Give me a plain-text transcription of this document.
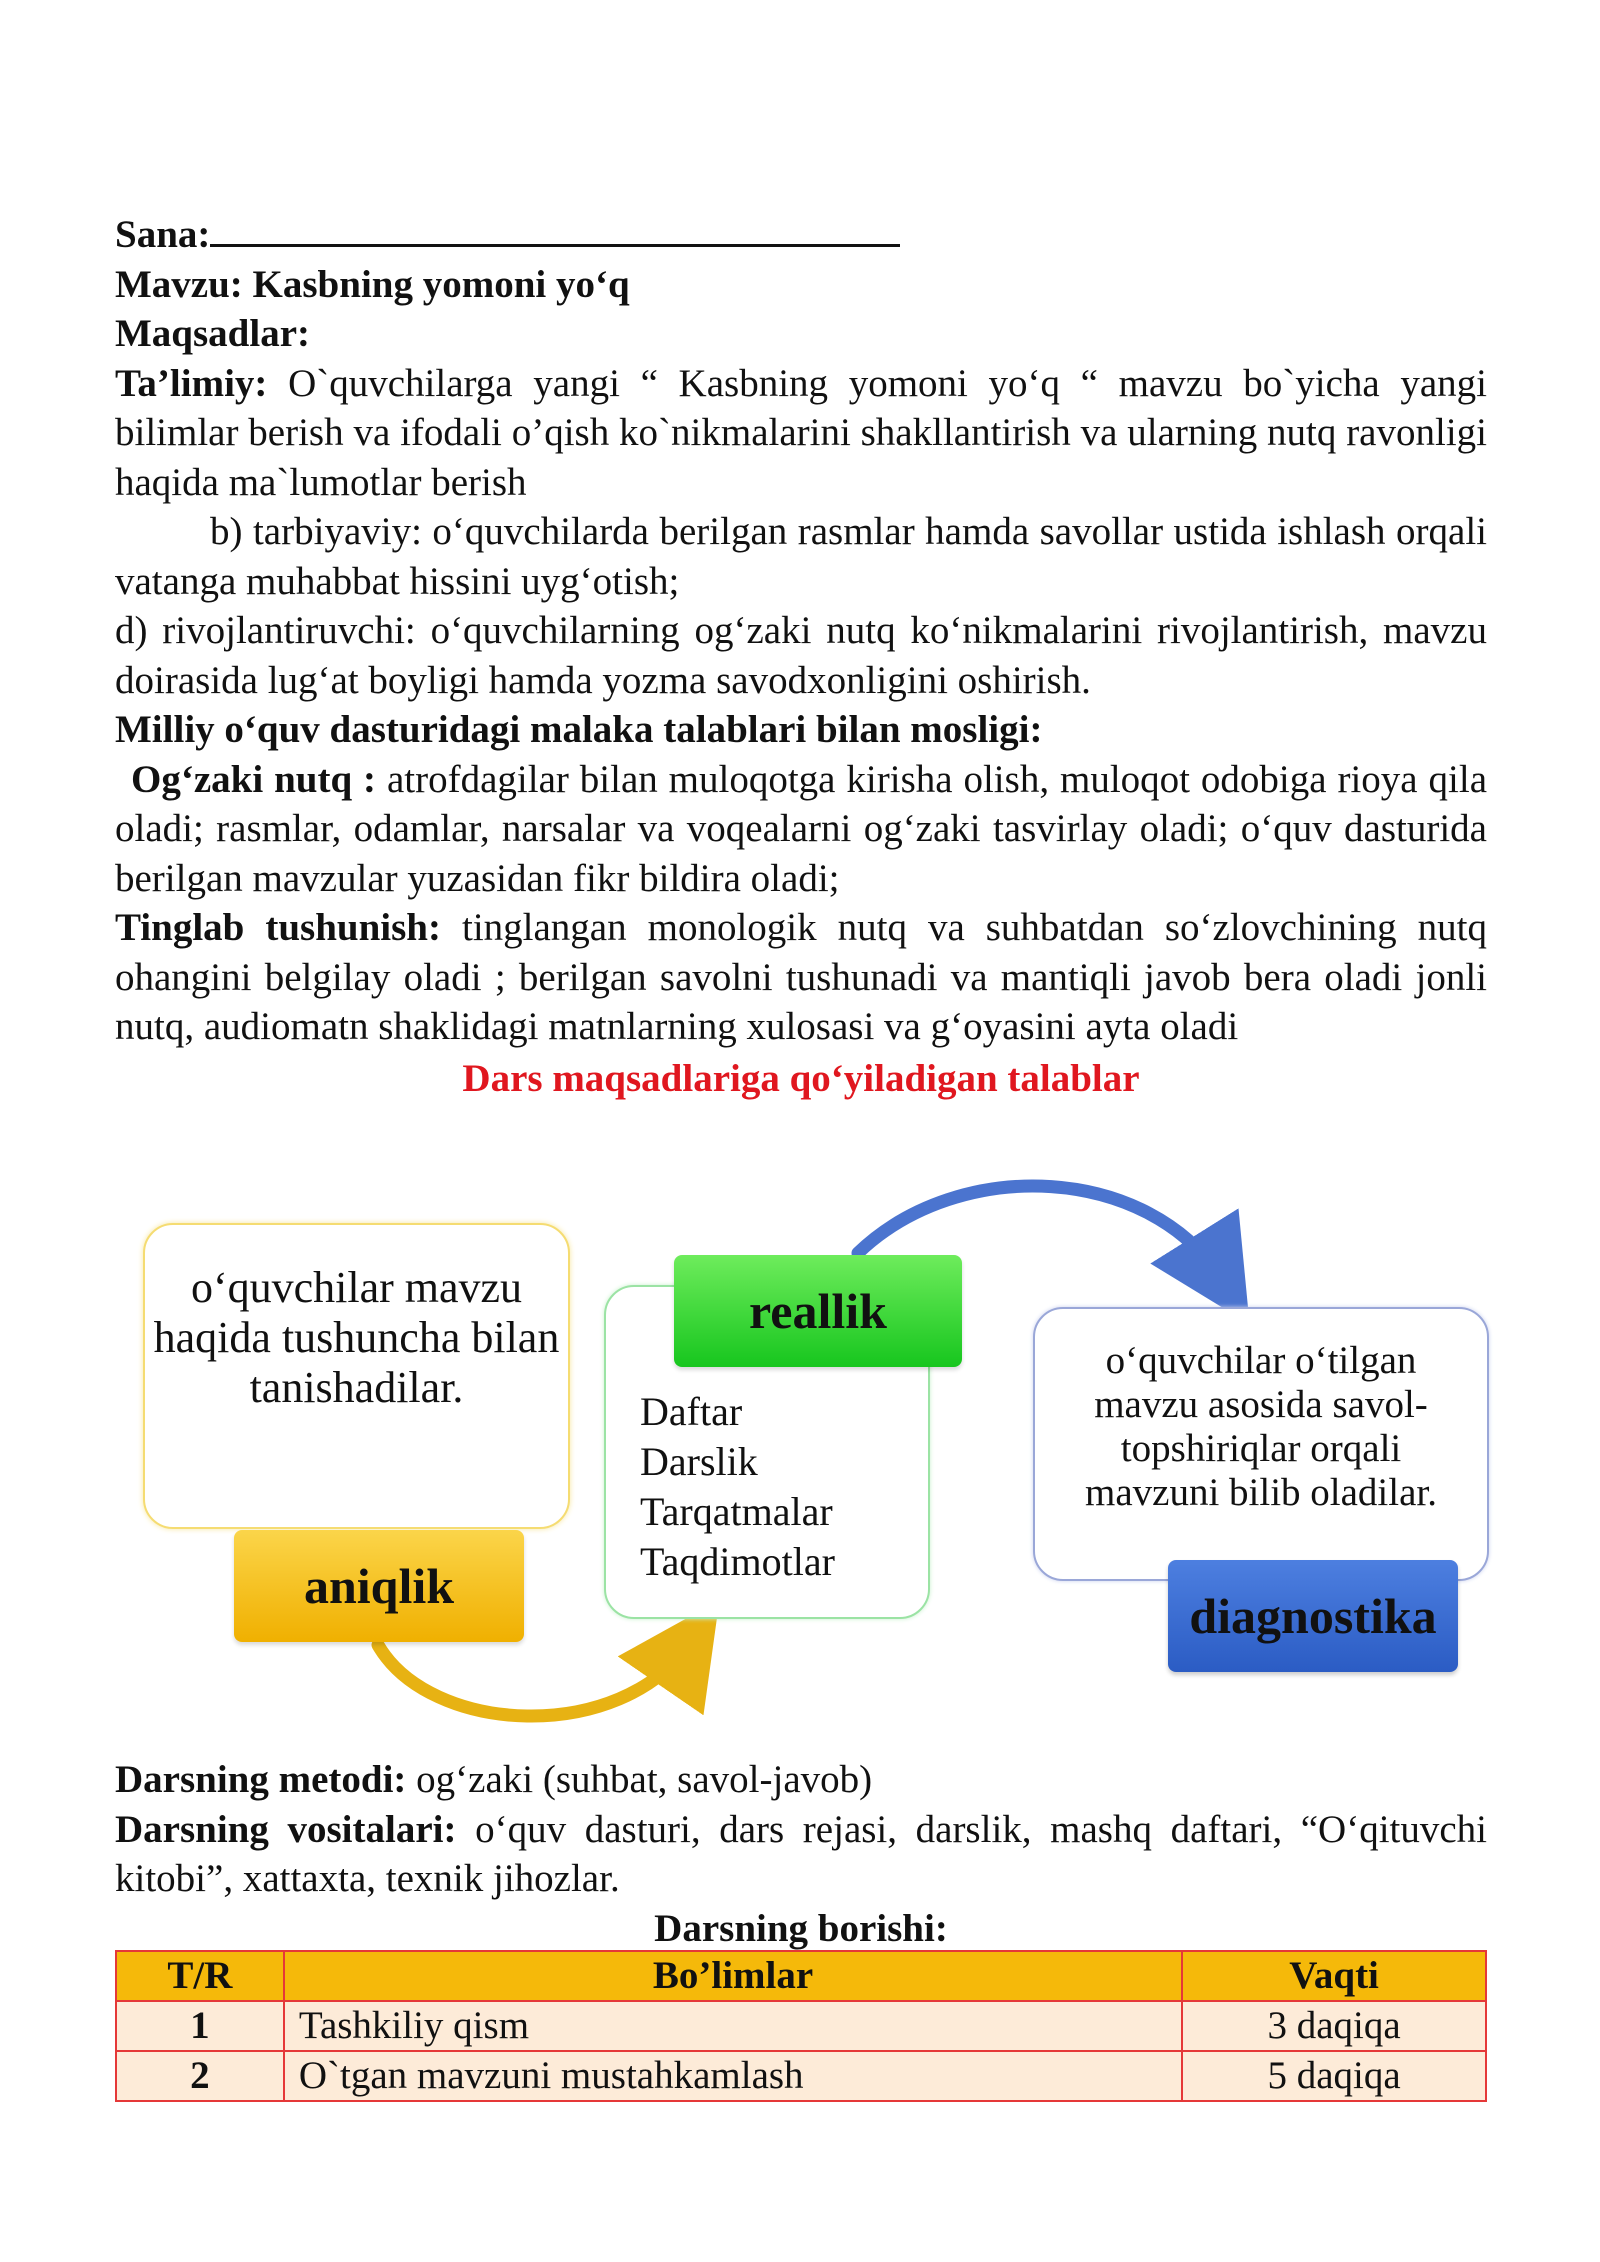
Sana:

Mavzu: Kasbning yomoni yo‘q

Maqsadlar:

Ta’limiy: O`quvchilarga yangi “ Kasbning yomoni yo‘q “ mavzu bo`yicha yangi bilimlar berish va ifodali o’qish ko`nikmalarini shakllantirish va ularning nutq ravonligi haqida ma`lumotlar berish

b) tarbiyaviy: o‘quvchilarda berilgan rasmlar hamda savollar ustida ishlash orqali vatanga muhabbat hissini uyg‘otish;

d) rivojlantiruvchi: o‘quvchilarning og‘zaki nutq ko‘nikmalarini rivojlantirish, mavzu doirasida lug‘at boyligi hamda yozma savodxonligini oshirish.

Milliy o‘quv dasturidagi malaka talablari bilan mosligi:

Og‘zaki nutq : atrofdagilar bilan muloqotga kirisha olish, muloqot odobiga rioya qila oladi; rasmlar, odamlar, narsalar va voqealarni og‘zaki tasvirlay oladi; o‘quv dasturida berilgan mavzular yuzasidan fikr bildira oladi;

Tinglab tushunish: tinglangan monologik nutq va suhbatdan so‘zlovchining nutq ohangini belgilay oladi ; berilgan savolni tushunadi va mantiqli javob bera oladi jonli nutq, audiomatn shaklidagi matnlarning xulosasi va g‘oyasini ayta oladi

Dars maqsadlariga qo‘yiladigan talablar

o‘quvchilar mavzu haqida tushuncha bilan tanishadilar.
aniqlik
Daftar
Darslik
Tarqatmalar
Taqdimotlar
reallik
o‘quvchilar o‘tilgan mavzu asosida savol-topshiriqlar orqali mavzuni bilib oladilar.
diagnostika

Darsning metodi: og‘zaki (suhbat, savol-javob)

Darsning vositalari: o‘quv dasturi, dars rejasi, darslik, mashq daftari, “O‘qituvchi kitobi”, xattaxta, texnik jihozlar.

Darsning borishi:

T/R	Bo’limlar	Vaqti
1	Tashkiliy qism	3 daqiqa
2	O`tgan mavzuni mustahkamlash	5 daqiqa
